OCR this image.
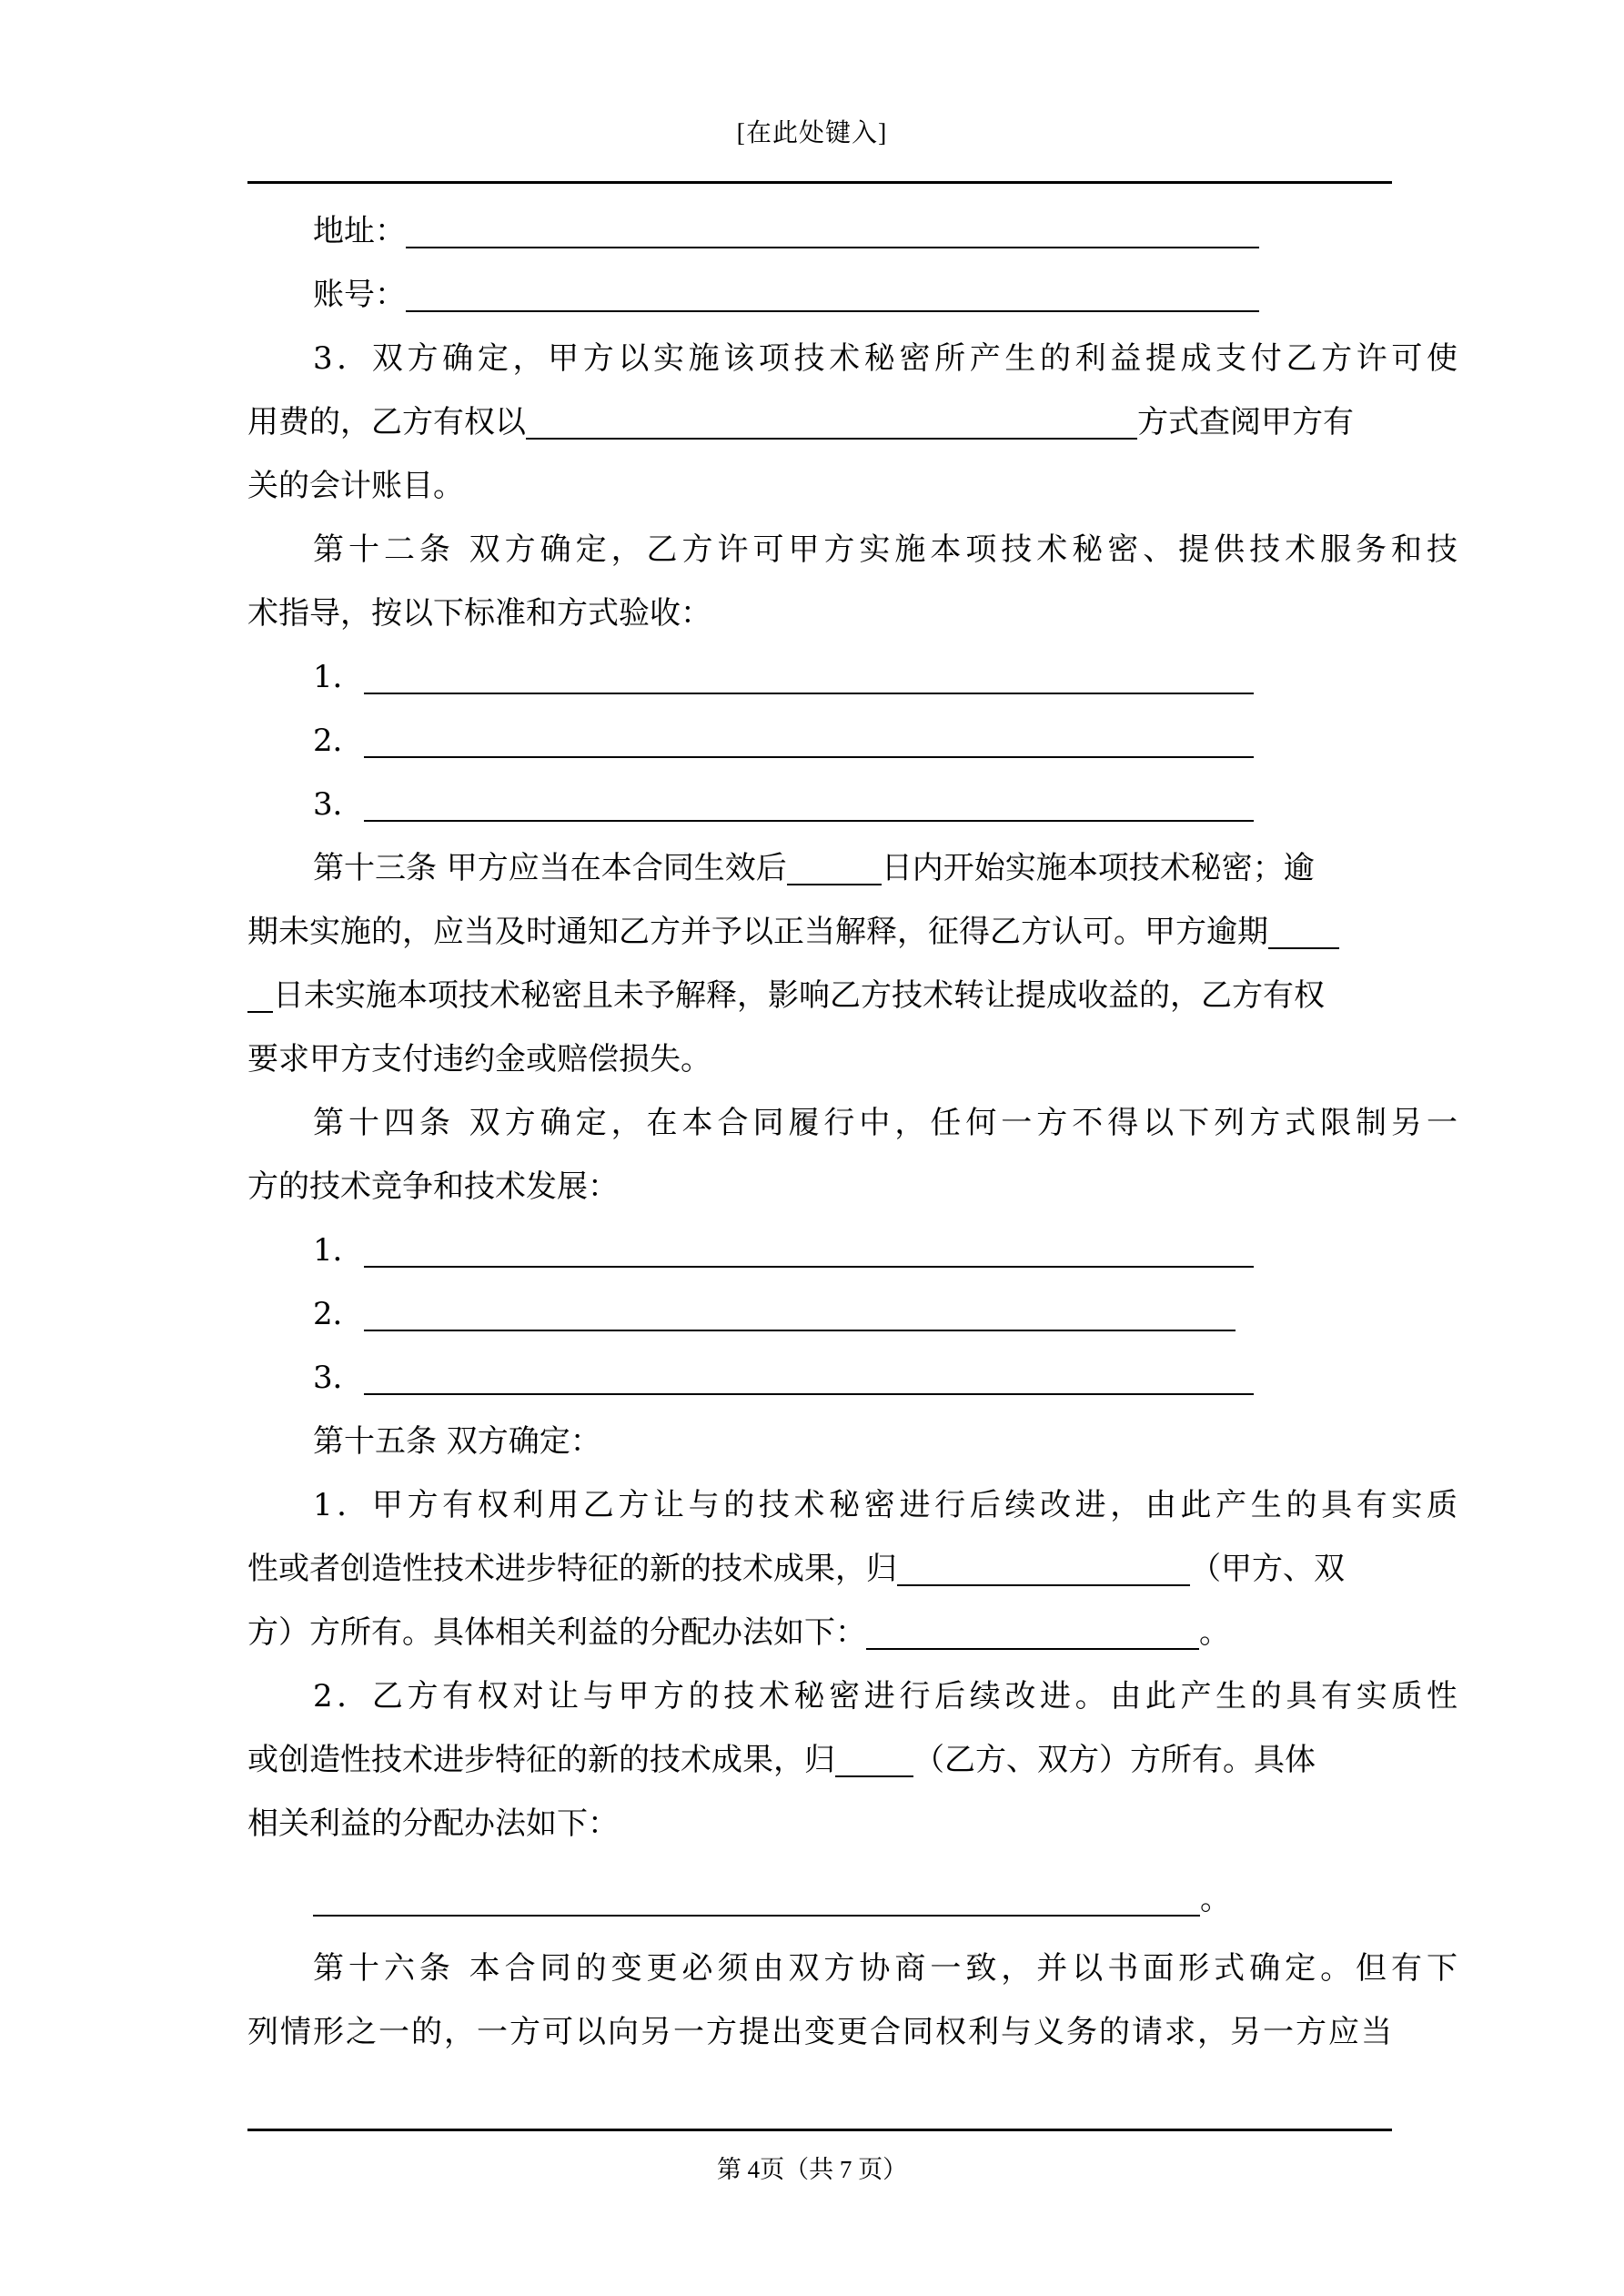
[在此处键入]
地址：
账号：
3．双方确定，甲方以实施该项技术秘密所产生的利益提成支付乙方许可使
用费的，乙方有权以	方式查阅甲方有
关的会计账目。
第十二条 双方确定，乙方许可甲方实施本项技术秘密、提供技术服务和技
术指导，按以下标准和方式验收：
1．
2．
3．
第十三条 甲方应当在本合同生效后	日内开始实施本项技术秘密；逾
期未实施的，应当及时通知乙方并予以正当解释，征得乙方认可。甲方逾期
日未实施本项技术秘密且未予解释，影响乙方技术转让提成收益的，乙方有权
要求甲方支付违约金或赔偿损失。
第十四条 双方确定，在本合同履行中，任何一方不得以下列方式限制另一
方的技术竞争和技术发展：
1．
2．
3．
第十五条 双方确定：
1．甲方有权利用乙方让与的技术秘密进行后续改进，由此产生的具有实质
性或者创造性技术进步特征的新的技术成果，归	（甲方、双
方）方所有。具体相关利益的分配办法如下：	。
2．乙方有权对让与甲方的技术秘密进行后续改进。由此产生的具有实质性
或创造性技术进步特征的新的技术成果，归	（乙方、双方）方所有。具体
相关利益的分配办法如下：
。
第十六条 本合同的变更必须由双方协商一致，并以书面形式确定。但有下
列情形之一的，一方可以向另一方提出变更合同权利与义务的请求，另一方应当
第 4页（共 7 页）
